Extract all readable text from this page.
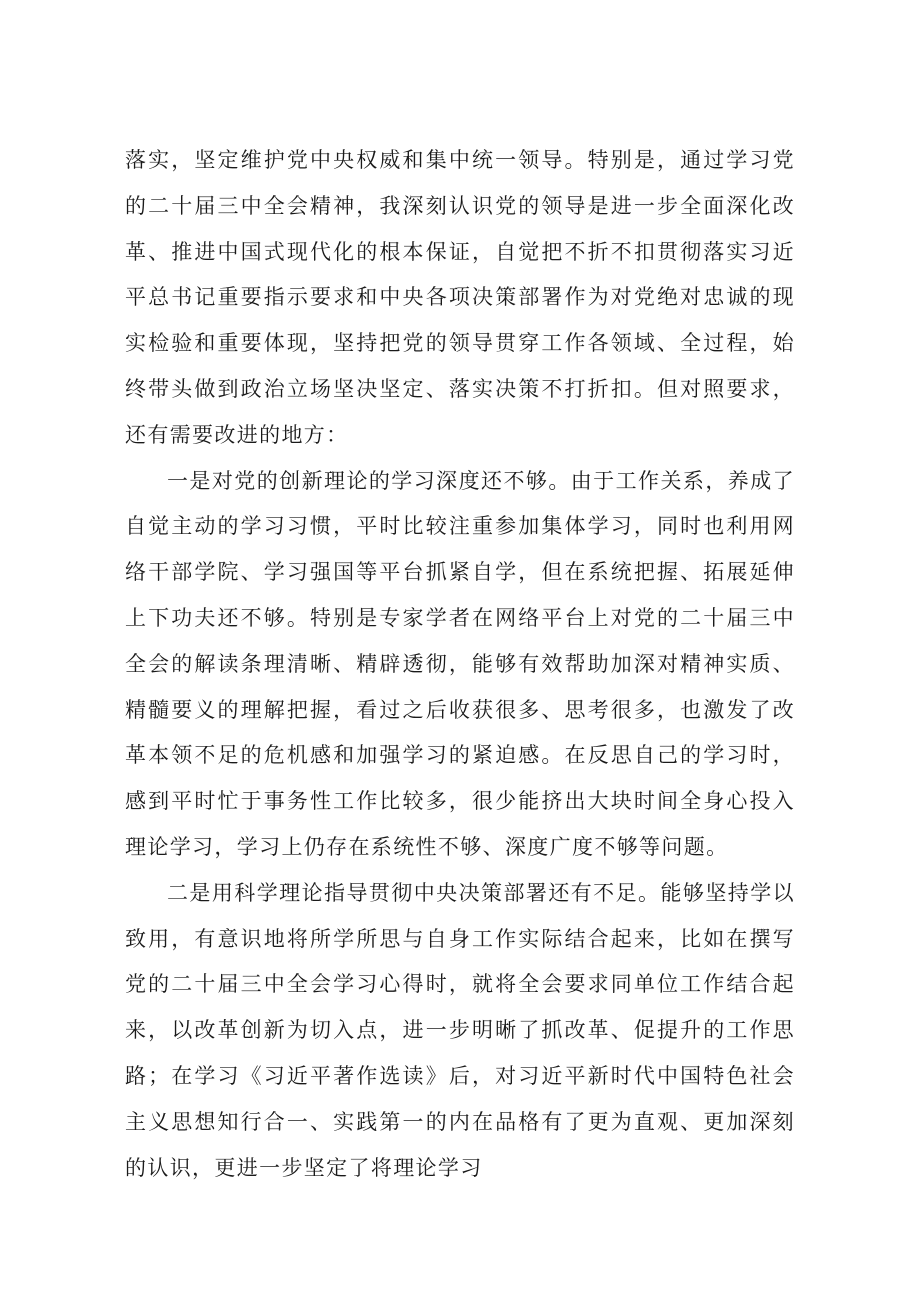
落实，坚定维护党中央权威和集中统一领导。特别是，通过学习党的二十届三中全会精神，我深刻认识党的领导是进一步全面深化改革、推进中国式现代化的根本保证，自觉把不折不扣贯彻落实习近平总书记重要指示要求和中央各项决策部署作为对党绝对忠诚的现实检验和重要体现，坚持把党的领导贯穿工作各领域、全过程，始终带头做到政治立场坚决坚定、落实决策不打折扣。但对照要求，还有需要改进的地方：

一是对党的创新理论的学习深度还不够。由于工作关系，养成了自觉主动的学习习惯，平时比较注重参加集体学习，同时也利用网络干部学院、学习强国等平台抓紧自学，但在系统把握、拓展延伸上下功夫还不够。特别是专家学者在网络平台上对党的二十届三中全会的解读条理清晰、精辟透彻，能够有效帮助加深对精神实质、精髓要义的理解把握，看过之后收获很多、思考很多，也激发了改革本领不足的危机感和加强学习的紧迫感。在反思自己的学习时，感到平时忙于事务性工作比较多，很少能挤出大块时间全身心投入理论学习，学习上仍存在系统性不够、深度广度不够等问题。

二是用科学理论指导贯彻中央决策部署还有不足。能够坚持学以致用，有意识地将所学所思与自身工作实际结合起来，比如在撰写党的二十届三中全会学习心得时，就将全会要求同单位工作结合起来，以改革创新为切入点，进一步明晰了抓改革、促提升的工作思路；在学习《习近平著作选读》后，对习近平新时代中国特色社会主义思想知行合一、实践第一的内在品格有了更为直观、更加深刻的认识，更进一步坚定了将理论学习
